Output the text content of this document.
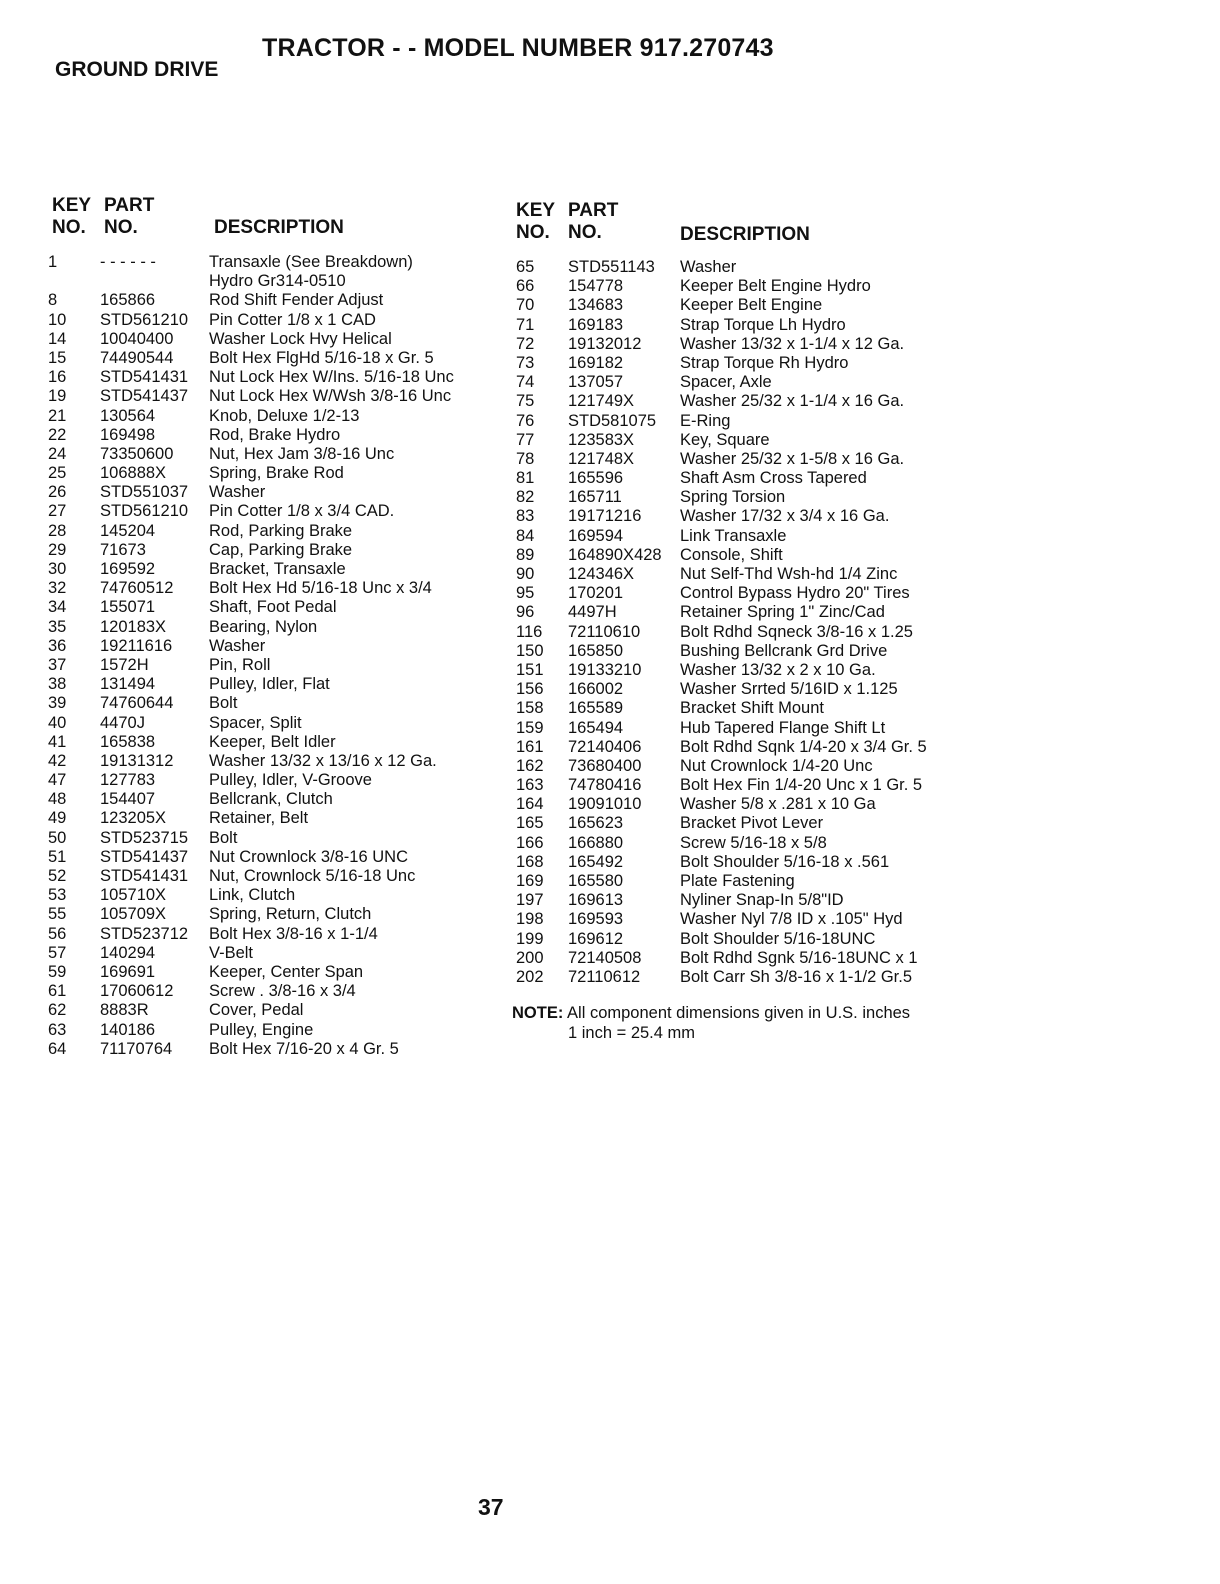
TRACTOR - - MODEL NUMBER 917.270743
GROUND DRIVE
KEY
NO.
PART
NO.	DESCRIPTION
1	- - - - - -	Transaxle (See Breakdown)
Hydro Gr314-0510
8	165866	Rod Shift Fender Adjust
10 STD561210 Pin Cotter 1/8 x 1 CAD
14 10040400 Washer Lock Hvy Helical
15 74490544 Bolt Hex FlgHd 5/16-18 x Gr. 5
16 STD541431 Nut Lock Hex W/Ins. 5/16-18 Unc
19 STD541437 Nut Lock Hex W/Wsh 3/8-16 Unc
21 130564	Knob, Deluxe 1/2-13
22 169498	Rod, Brake Hydro
24 73350600 Nut, Hex Jam 3/8-16 Unc
25 106888X	Spring, Brake Rod
26 STD551037 Washer
27 STD561210 Pin Cotter 1/8 x 3/4 CAD.
28 145204	Rod, Parking Brake
29 71673	Cap, Parking Brake
30 169592	Bracket, Transaxle
32 74760512 Bolt Hex Hd 5/16-18 Unc x 3/4
34 155071	Shaft, Foot Pedal
35 120183X	Bearing, Nylon
36 19211616 Washer
37 1572H	Pin, Roll
38 131494	Pulley, Idler, Flat
39 74760644 Bolt
40 4470J	Spacer, Split
41 165838	Keeper, Belt Idler
42 19131312 Washer 13/32 x 13/16 x 12 Ga.
47 127783	Pulley, Idler, V-Groove
48 154407	Bellcrank, Clutch
49 123205X	Retainer, Belt
50 STD523715 Bolt
51 STD541437 Nut Crownlock 3/8-16 UNC
52 STD541431 Nut, Crownlock 5/16-18 Unc
53 105710X	Link, Clutch
55 105709X	Spring, Return, Clutch
56 STD523712 Bolt Hex 3/8-16 x 1-1/4
57 140294	V-Belt
59 169691	Keeper, Center Span
61 17060612 Screw . 3/8-16 x 3/4
62 8883R	Cover, Pedal
63 140186	Pulley, Engine
64 71170764 Bolt Hex 7/16-20 x 4 Gr. 5
KEY
NO.
PART
NO.	DESCRIPTION
65 STD551143 Washer
66 154778	Keeper Belt Engine Hydro
70 134683	Keeper Belt Engine
71 169183	Strap Torque Lh Hydro
72 19132012 Washer 13/32 x 1-1/4 x 12 Ga.
73 169182	Strap Torque Rh Hydro
74 137057	Spacer, Axle
75 121749X	Washer 25/32 x 1-1/4 x 16 Ga.
76 STD581075 E-Ring
77 123583X	Key, Square
78 121748X	Washer 25/32 x 1-5/8 x 16 Ga.
81 165596	Shaft Asm Cross Tapered
82 165711	Spring Torsion
83 19171216 Washer 17/32 x 3/4 x 16 Ga.
84 169594	Link Transaxle
89 164890X428 Console, Shift
90 124346X	Nut Self-Thd Wsh-hd 1/4 Zinc
95 170201	Control Bypass Hydro 20" Tires
96 4497H	Retainer Spring 1" Zinc/Cad
116 72110610 Bolt Rdhd Sqneck 3/8-16 x 1.25
150 165850	Bushing Bellcrank Grd Drive
151 19133210 Washer 13/32 x 2 x 10 Ga.
156 166002	Washer Srrted 5/16ID x 1.125
158 165589	Bracket Shift Mount
159 165494	Hub Tapered Flange Shift Lt
161 72140406 Bolt Rdhd Sqnk 1/4-20 x 3/4 Gr. 5
162 73680400 Nut Crownlock 1/4-20 Unc
163 74780416 Bolt Hex Fin 1/4-20 Unc x 1 Gr. 5
164 19091010 Washer 5/8 x .281 x 10 Ga
165 165623	Bracket Pivot Lever
166 166880	Screw 5/16-18 x 5/8
168 165492	Bolt Shoulder 5/16-18 x .561
169 165580	Plate Fastening
197 169613	Nyliner Snap-In 5/8"ID
198 169593	Washer Nyl 7/8 ID x .105" Hyd
199 169612	Bolt Shoulder 5/16-18UNC
200 72140508 Bolt Rdhd Sgnk 5/16-18UNC x 1
202 72110612 Bolt Carr Sh 3/8-16 x 1-1/2 Gr.5
NOTE: All component dimensions given in U.S. inches
1 inch = 25.4 mm
37
